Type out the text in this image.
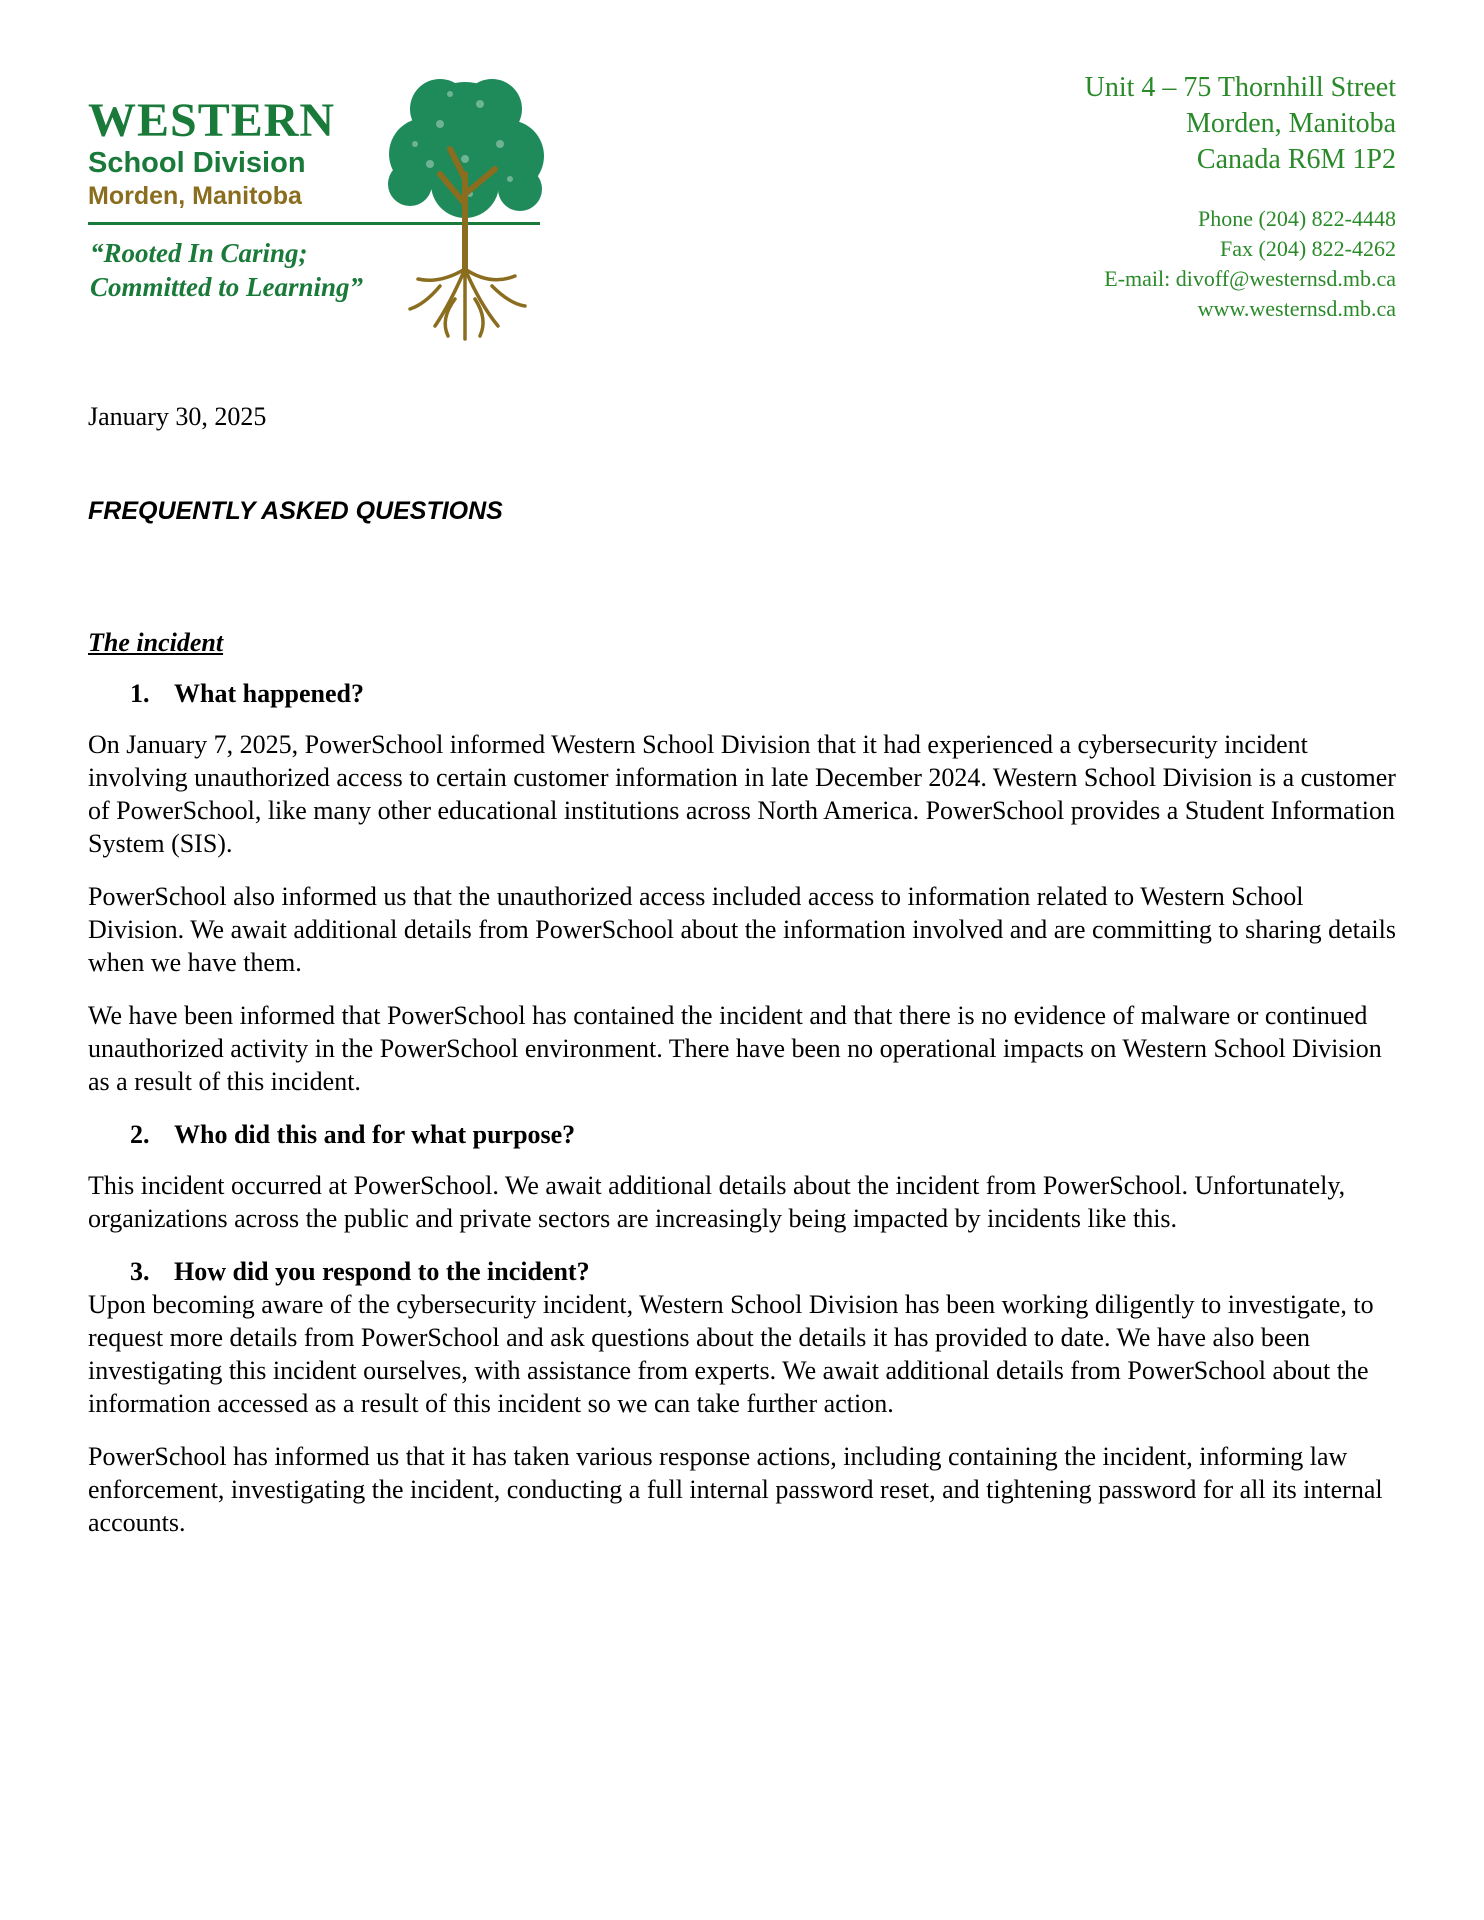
WESTERN
School Division
Morden, Manitoba
“Rooted In Caring;
Committed to Learning”
Unit 4 – 75 Thornhill Street
Morden, Manitoba
Canada R6M 1P2
Phone (204) 822-4448
Fax (204) 822-4262
E-mail: divoff@westernsd.mb.ca
www.westernsd.mb.ca

January 30, 2025

FREQUENTLY ASKED QUESTIONS

The incident

1. What happened?

On January 7, 2025, PowerSchool informed Western School Division that it had experienced a cybersecurity incident involving unauthorized access to certain customer information in late December 2024. Western School Division is a customer of PowerSchool, like many other educational institutions across North America. PowerSchool provides a Student Information System (SIS).

PowerSchool also informed us that the unauthorized access included access to information related to Western School Division. We await additional details from PowerSchool about the information involved and are committing to sharing details when we have them.

We have been informed that PowerSchool has contained the incident and that there is no evidence of malware or continued unauthorized activity in the PowerSchool environment. There have been no operational impacts on Western School Division as a result of this incident.

2. Who did this and for what purpose?

This incident occurred at PowerSchool. We await additional details about the incident from PowerSchool. Unfortunately, organizations across the public and private sectors are increasingly being impacted by incidents like this.

3. How did you respond to the incident?

Upon becoming aware of the cybersecurity incident, Western School Division has been working diligently to investigate, to request more details from PowerSchool and ask questions about the details it has provided to date. We have also been investigating this incident ourselves, with assistance from experts. We await additional details from PowerSchool about the information accessed as a result of this incident so we can take further action.

PowerSchool has informed us that it has taken various response actions, including containing the incident, informing law enforcement, investigating the incident, conducting a full internal password reset, and tightening password for all its internal accounts.
